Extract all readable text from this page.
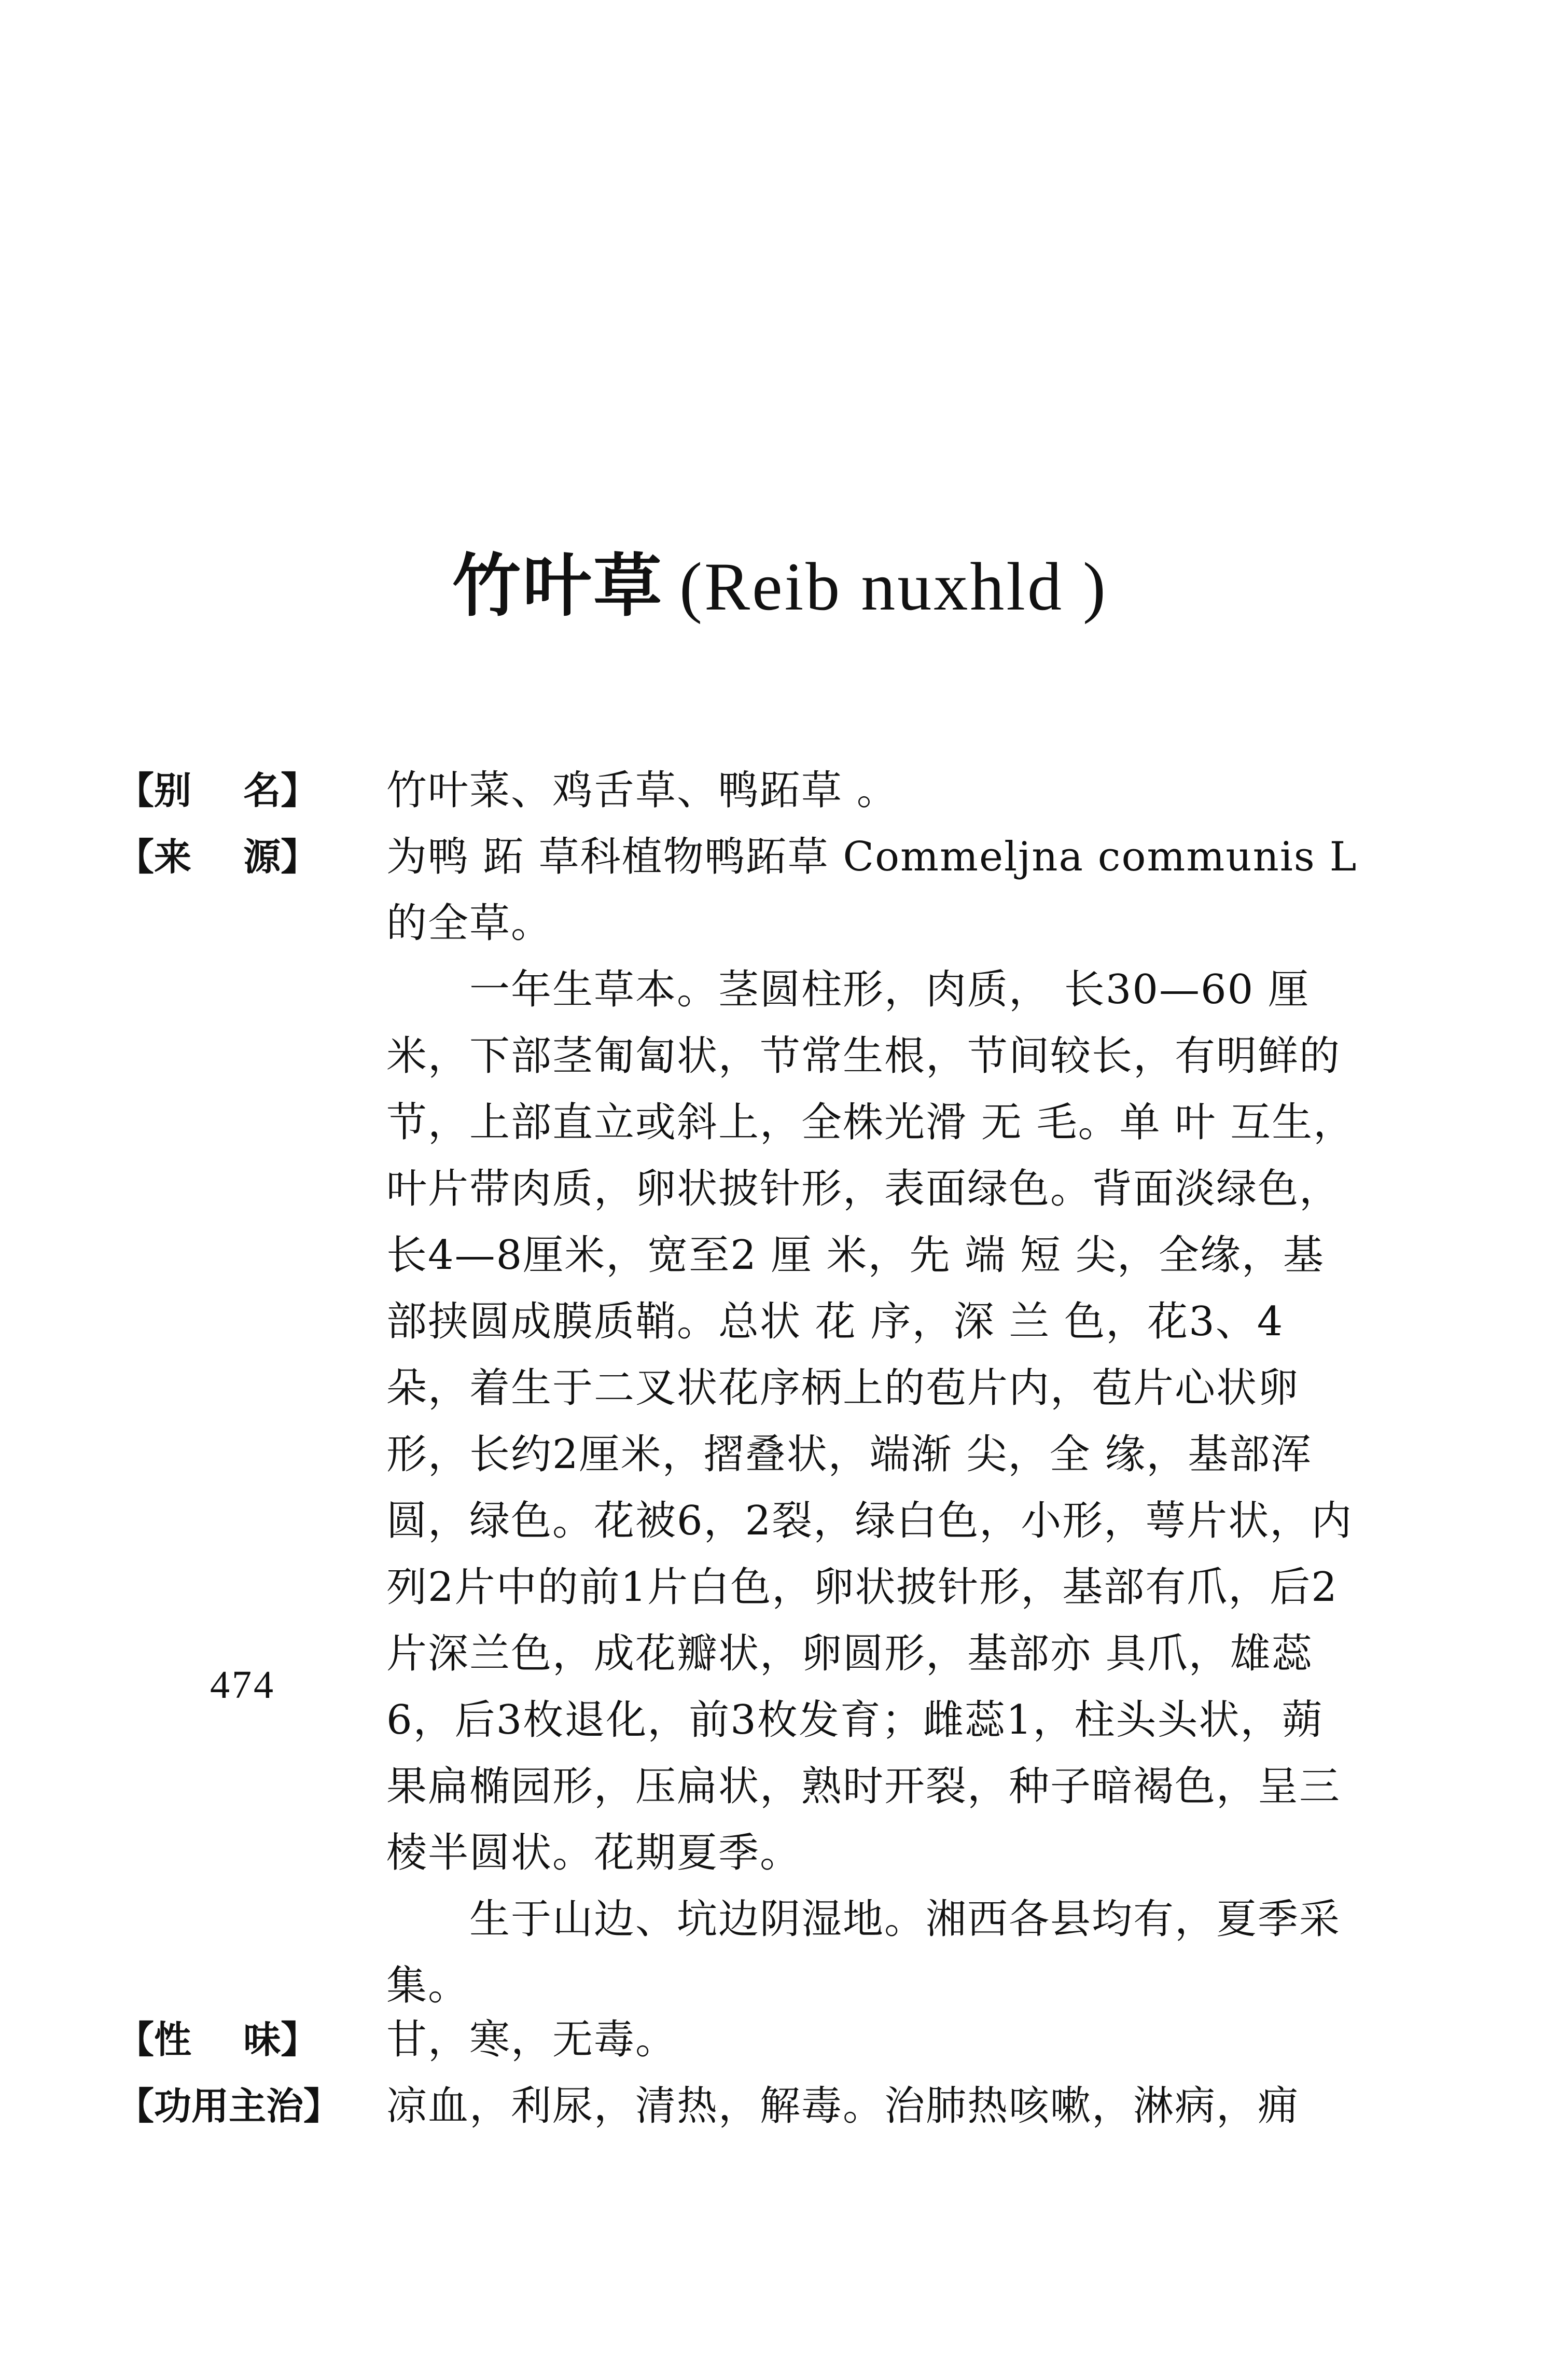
竹叶草 (Reib nuxhld )
【别    名】	竹叶菜、鸡舌草、鸭跖草 。

【来    源】	为鸭 跖 草科植物鸭跖草 Commeljna communis L 的全草。

一年生草本。茎圆柱形，肉质， 长30—60 厘米，下部茎匍匐状，节常生根，节间较长，有明鲜的节，上部直立或斜上，全株光滑 无 毛。单 叶 互生，叶片带肉质，卵状披针形，表面绿色。背面淡绿色，长4—8厘米，宽至2 厘 米，先 端 短 尖，全缘，基部挟圆成膜质鞘。总状 花 序，深 兰 色，花3、4朵，着生于二叉状花序柄上的苞片内，苞片心状卵形，长约2厘米，摺叠状，端渐 尖，全 缘，基部浑圆，绿色。花被6，2裂，绿白色，小形，萼片状，内列2片中的前1片白色，卵状披针形，基部有爪，后2片深兰色，成花瓣状，卵圆形，基部亦 具爪，雄蕊6，后3枚退化，前3枚发育；雌蕊1，柱头头状，蒴果扁椭园形，压扁状，熟时开裂，种子暗褐色，呈三棱半圆状。花期夏季。

生于山边、坑边阴湿地。湘西各县均有，夏季采集。

【性    味】	甘，寒，无毒。

【功用主治】	凉血，利尿，清热，解毒。治肺热咳嗽，淋病，痈

474
